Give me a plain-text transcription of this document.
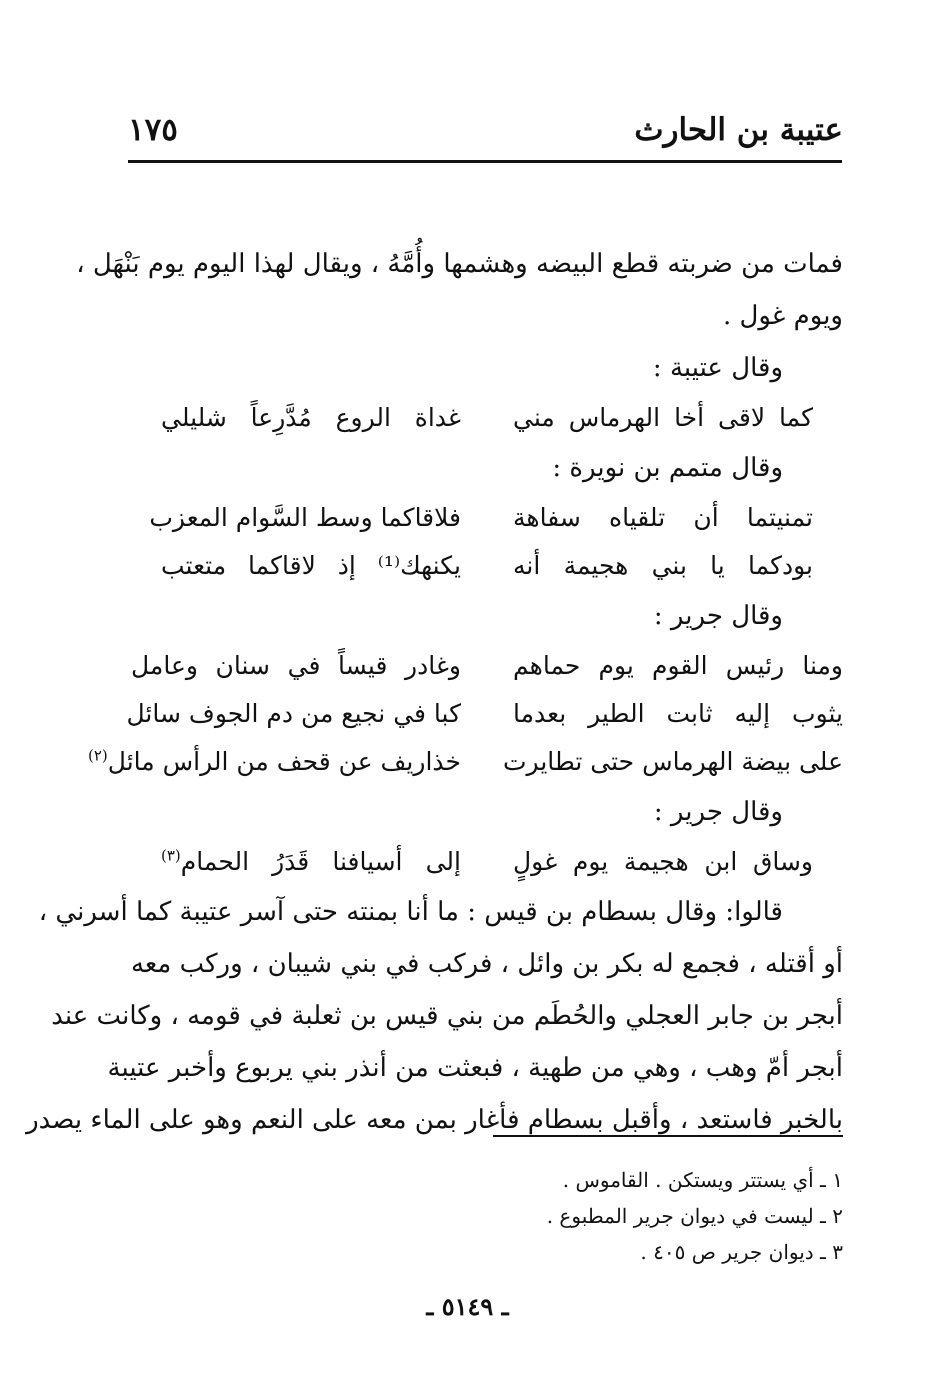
عتيبة بن الحارث
١٧٥
فمات من ضربته قطع البيضه وهشمها وأُمَّهُ ، ويقال لهذا اليوم يوم بَنْهَل ،
ويوم غول .
وقال عتيبة :
كما لاقى أخا الهرماس مني
غداة الروع مُدَّرِعاً شليلي
وقال متمم بن نويرة :
تمنيتما أن تلقياه سفاهة
فلاقاكما وسط السَّوام المعزب
بودكما يا بني هجيمة أنه
يكنهك⁽¹⁾ إذ لاقاكما متعتب
وقال جرير :
ومنا رئيس القوم يوم حماهم
وغادر قيساً في سنان وعامل
يثوب إليه ثابت الطير بعدما
كبا في نجيع من دم الجوف سائل
على بيضة الهرماس حتى تطايرت
خذاريف عن قحف من الرأس مائل$^{(٢)}$
وقال جرير :
وساق ابن هجيمة يوم غولٍ
إلى أسيافنا قَدَرُ الحمام$^{(٣)}$
قالوا: وقال بسطام بن قيس : ما أنا بمنته حتى آسر عتيبة كما أسرني ،
أو أقتله ، فجمع له بكر بن وائل ، فركب في بني شيبان ، وركب معه
أبجر بن جابر العجلي والحُطَم من بني قيس بن ثعلبة في قومه ، وكانت عند
أبجر أمّ وهب ، وهي من طهية ، فبعثت من أنذر بني يربوع وأخبر عتيبة
بالخبر فاستعد ، وأقبل بسطام فأغار بمن معه على النعم وهو على الماء يصدر
١ ـ أي يستتر ويستكن . القاموس .
٢ ـ ليست في ديوان جرير المطبوع .
٣ ـ ديوان جرير ص ٤٠٥ .
ـ ٥١٤٩ ـ
